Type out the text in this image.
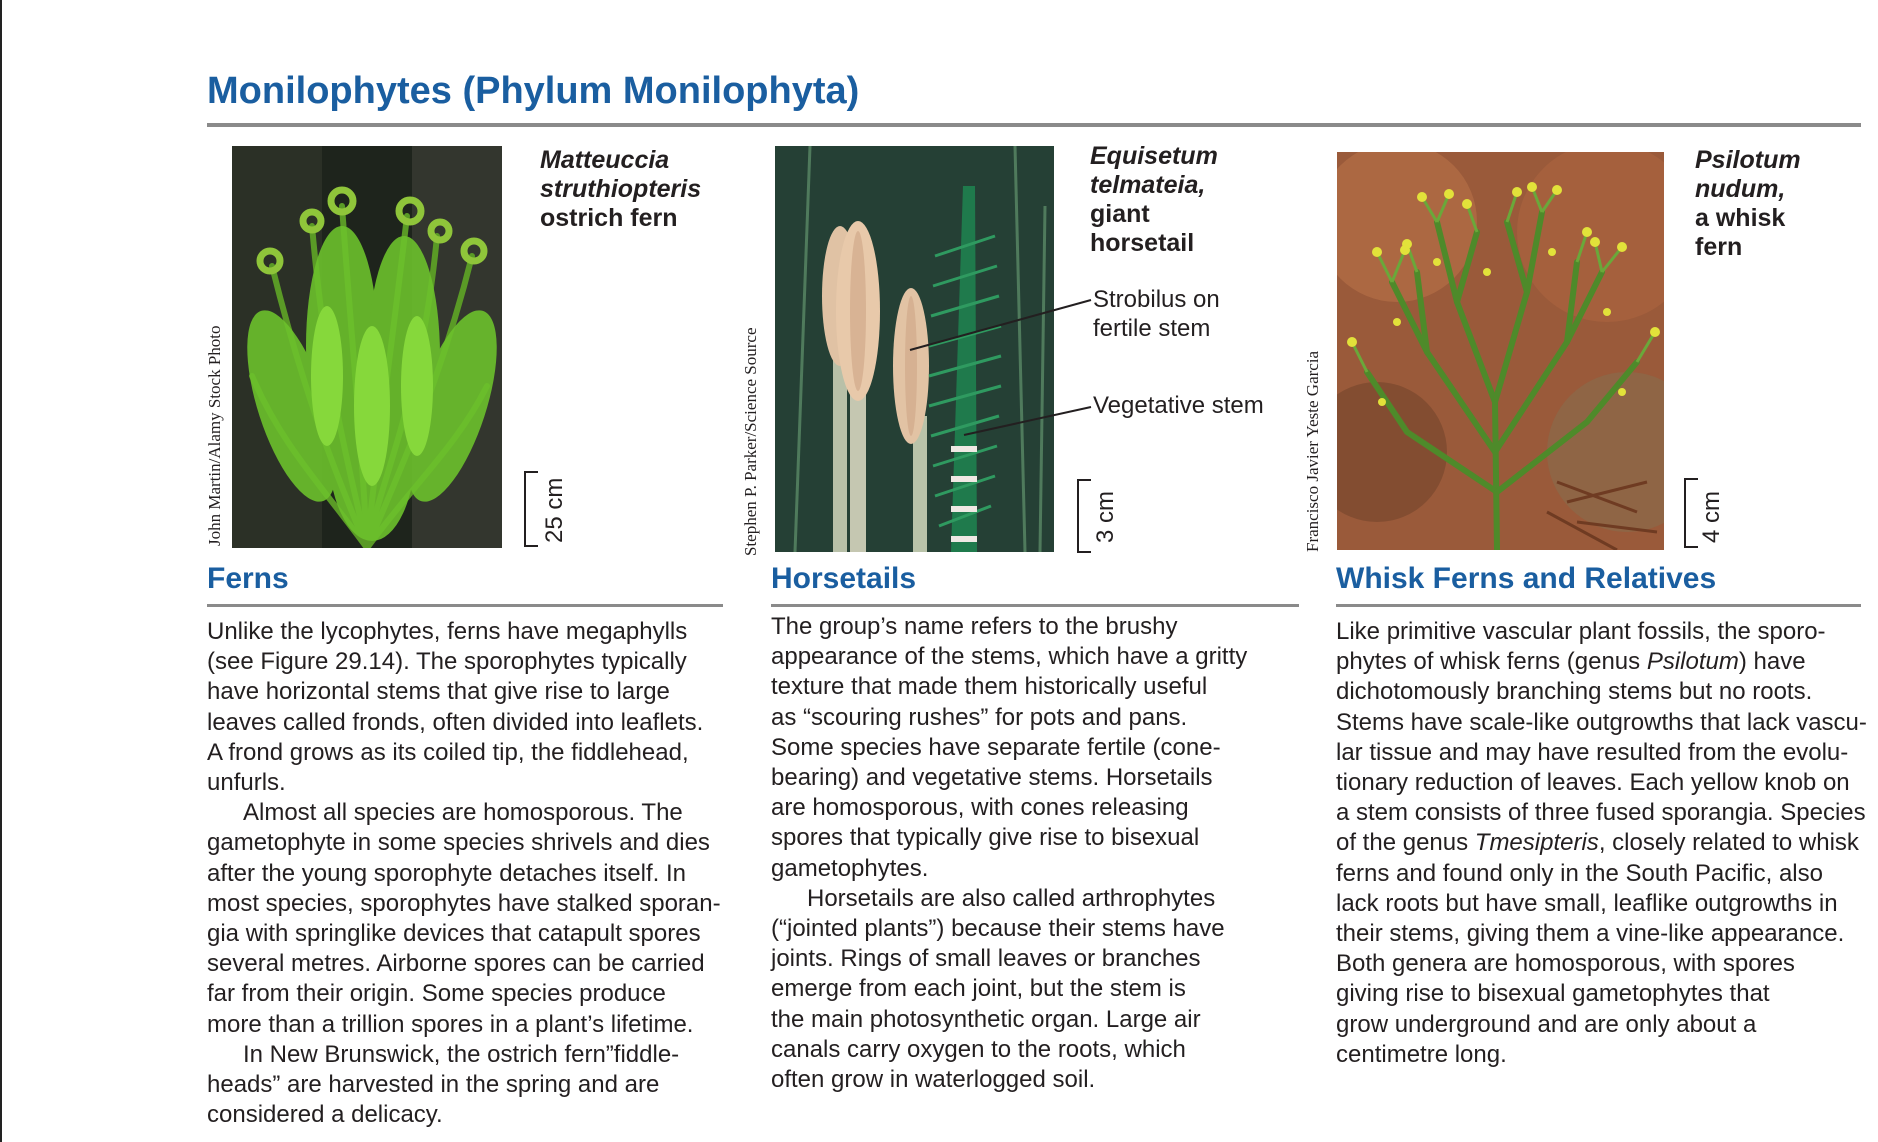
Monilophytes (Phylum Monilophyta)
John Martin/Alamy Stock Photo
Matteuccia
struthiopteris
ostrich fern
25 cm
Ferns

Unlike the lycophytes, ferns have megaphylls

(see Figure 29.14). The sporophytes typically

have horizontal stems that give rise to large

leaves called fronds, often divided into leaflets.

A frond grows as its coiled tip, the fiddlehead,

unfurls.

Almost all species are homosporous. The

gametophyte in some species shrivels and dies

after the young sporophyte detaches itself. In

most species, sporophytes have stalked sporan-

gia with springlike devices that catapult spores

several metres. Airborne spores can be carried

far from their origin. Some species produce

more than a trillion spores in a plant’s lifetime.

In New Brunswick, the ostrich fern”fiddle-

heads” are harvested in the spring and are

considered a delicacy.

Stephen P. Parker/Science Source
Equisetum
telmateia,
giant
horsetail
Strobilus on
fertile stem
Vegetative stem
3 cm
Horsetails

The group’s name refers to the brushy

appearance of the stems, which have a gritty

texture that made them historically useful

as “scouring rushes” for pots and pans.

Some species have separate fertile (cone-

bearing) and vegetative stems. Horsetails

are homosporous, with cones releasing

spores that typically give rise to bisexual

gametophytes.

Horsetails are also called arthrophytes

(“jointed plants”) because their stems have

joints. Rings of small leaves or branches

emerge from each joint, but the stem is

the main photosynthetic organ. Large air

canals carry oxygen to the roots, which

often grow in waterlogged soil.

Francisco Javier Yeste Garcia
Psilotum
nudum,
a whisk
fern
4 cm
Whisk Ferns and Relatives

Like primitive vascular plant fossils, the sporo-

phytes of whisk ferns (genus Psilotum) have

dichotomously branching stems but no roots.

Stems have scale-like outgrowths that lack vascu-

lar tissue and may have resulted from the evolu-

tionary reduction of leaves. Each yellow knob on

a stem consists of three fused sporangia. Species

of the genus Tmesipteris, closely related to whisk

ferns and found only in the South Pacific, also

lack roots but have small, leaflike outgrowths in

their stems, giving them a vine-like appearance.

Both genera are homosporous, with spores

giving rise to bisexual gametophytes that

grow underground and are only about a

centimetre long.
